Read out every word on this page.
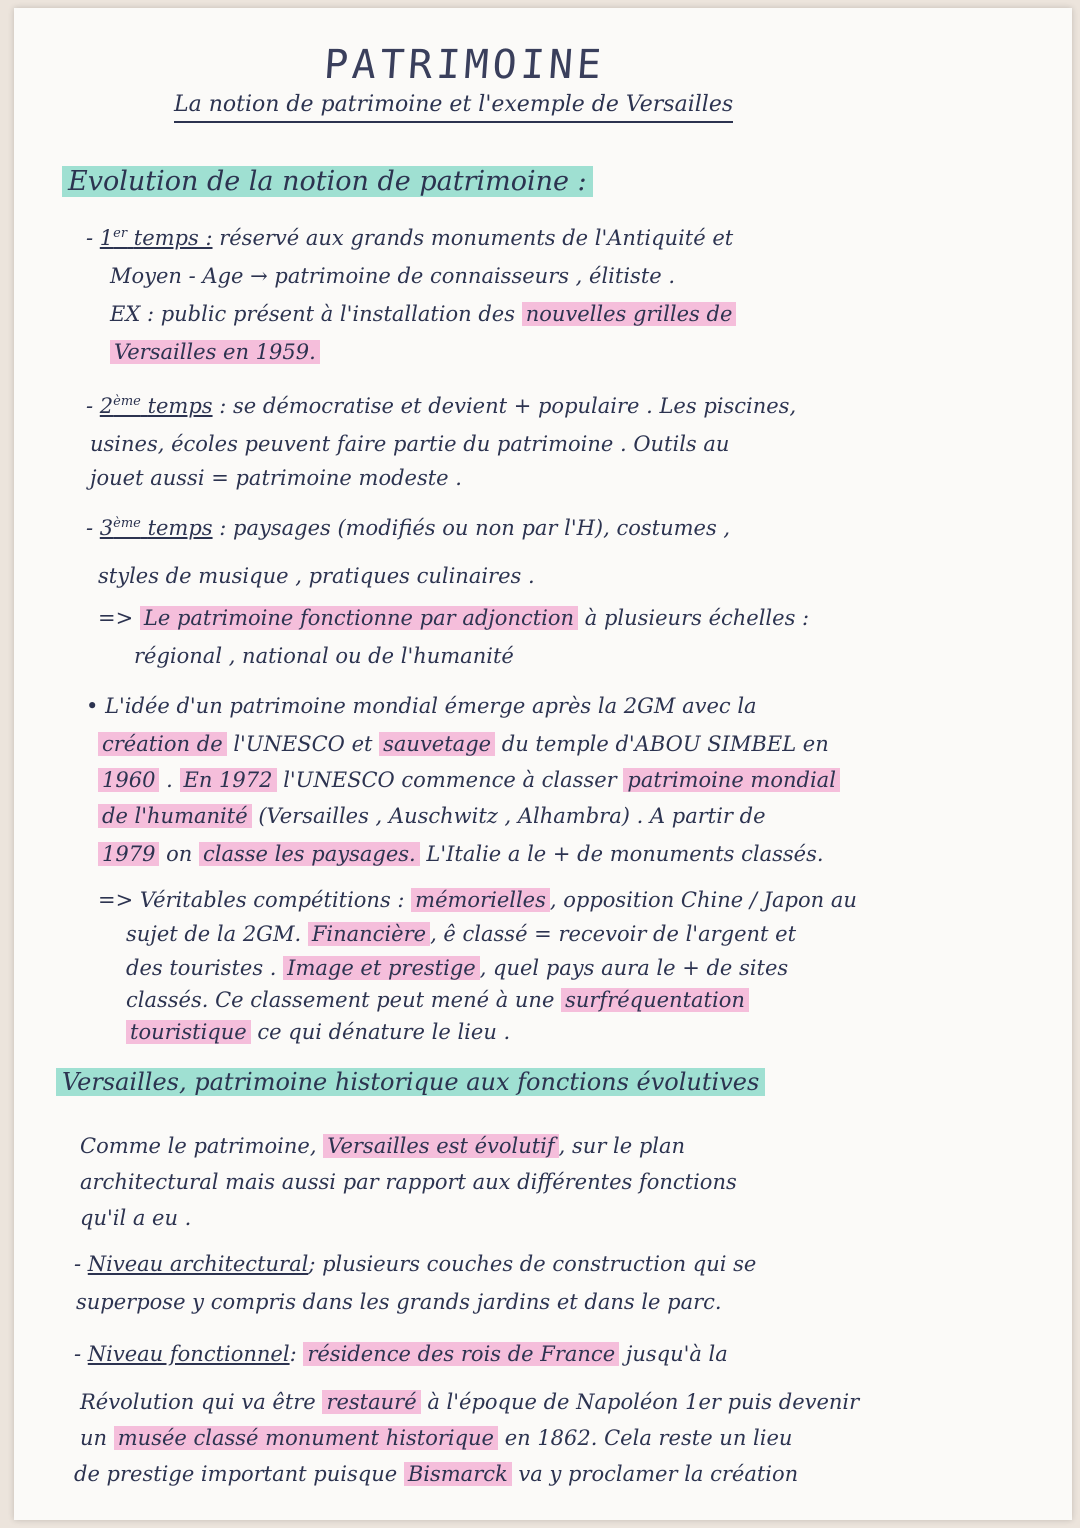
PATRIMOINE
La notion de patrimoine et l'exemple de Versailles
Evolution de la notion de patrimoine :
- 1er temps : réservé aux grands monuments de l'Antiquité et
Moyen - Age → patrimoine de connaisseurs , élitiste .
EX : public présent à l'installation des nouvelles grilles de
Versailles en 1959.
- 2ème temps : se démocratise et devient + populaire . Les piscines,
usines, écoles peuvent faire partie du patrimoine . Outils au
jouet aussi = patrimoine modeste .
- 3ème temps : paysages (modifiés ou non par l'H), costumes ,
styles de musique , pratiques culinaires .
=> Le patrimoine fonctionne par adjonction à plusieurs échelles :
régional , national ou de l'humanité
• L'idée d'un patrimoine mondial émerge après la 2GM avec la
création de l'UNESCO et sauvetage du temple d'ABOU SIMBEL en
1960 . En 1972 l'UNESCO commence à classer patrimoine mondial
de l'humanité (Versailles , Auschwitz , Alhambra) . A partir de
1979 on classe les paysages. L'Italie a le + de monuments classés.
=> Véritables compétitions : mémorielles , opposition Chine / Japon au
sujet de la 2GM. Financière , ê classé = recevoir de l'argent et
des touristes . Image et prestige , quel pays aura le + de sites
classés. Ce classement peut mené à une surfréquentation
touristique ce qui dénature le lieu .
Versailles, patrimoine historique aux fonctions évolutives
Comme le patrimoine, Versailles est évolutif , sur le plan
architectural mais aussi par rapport aux différentes fonctions
qu'il a eu .
- Niveau architectural; plusieurs couches de construction qui se
superpose y compris dans les grands jardins et dans le parc.
- Niveau fonctionnel: résidence des rois de France jusqu'à la
Révolution qui va être restauré à l'époque de Napoléon 1er puis devenir
un musée classé monument historique en 1862. Cela reste un lieu
de prestige important puisque Bismarck va y proclamer la création
